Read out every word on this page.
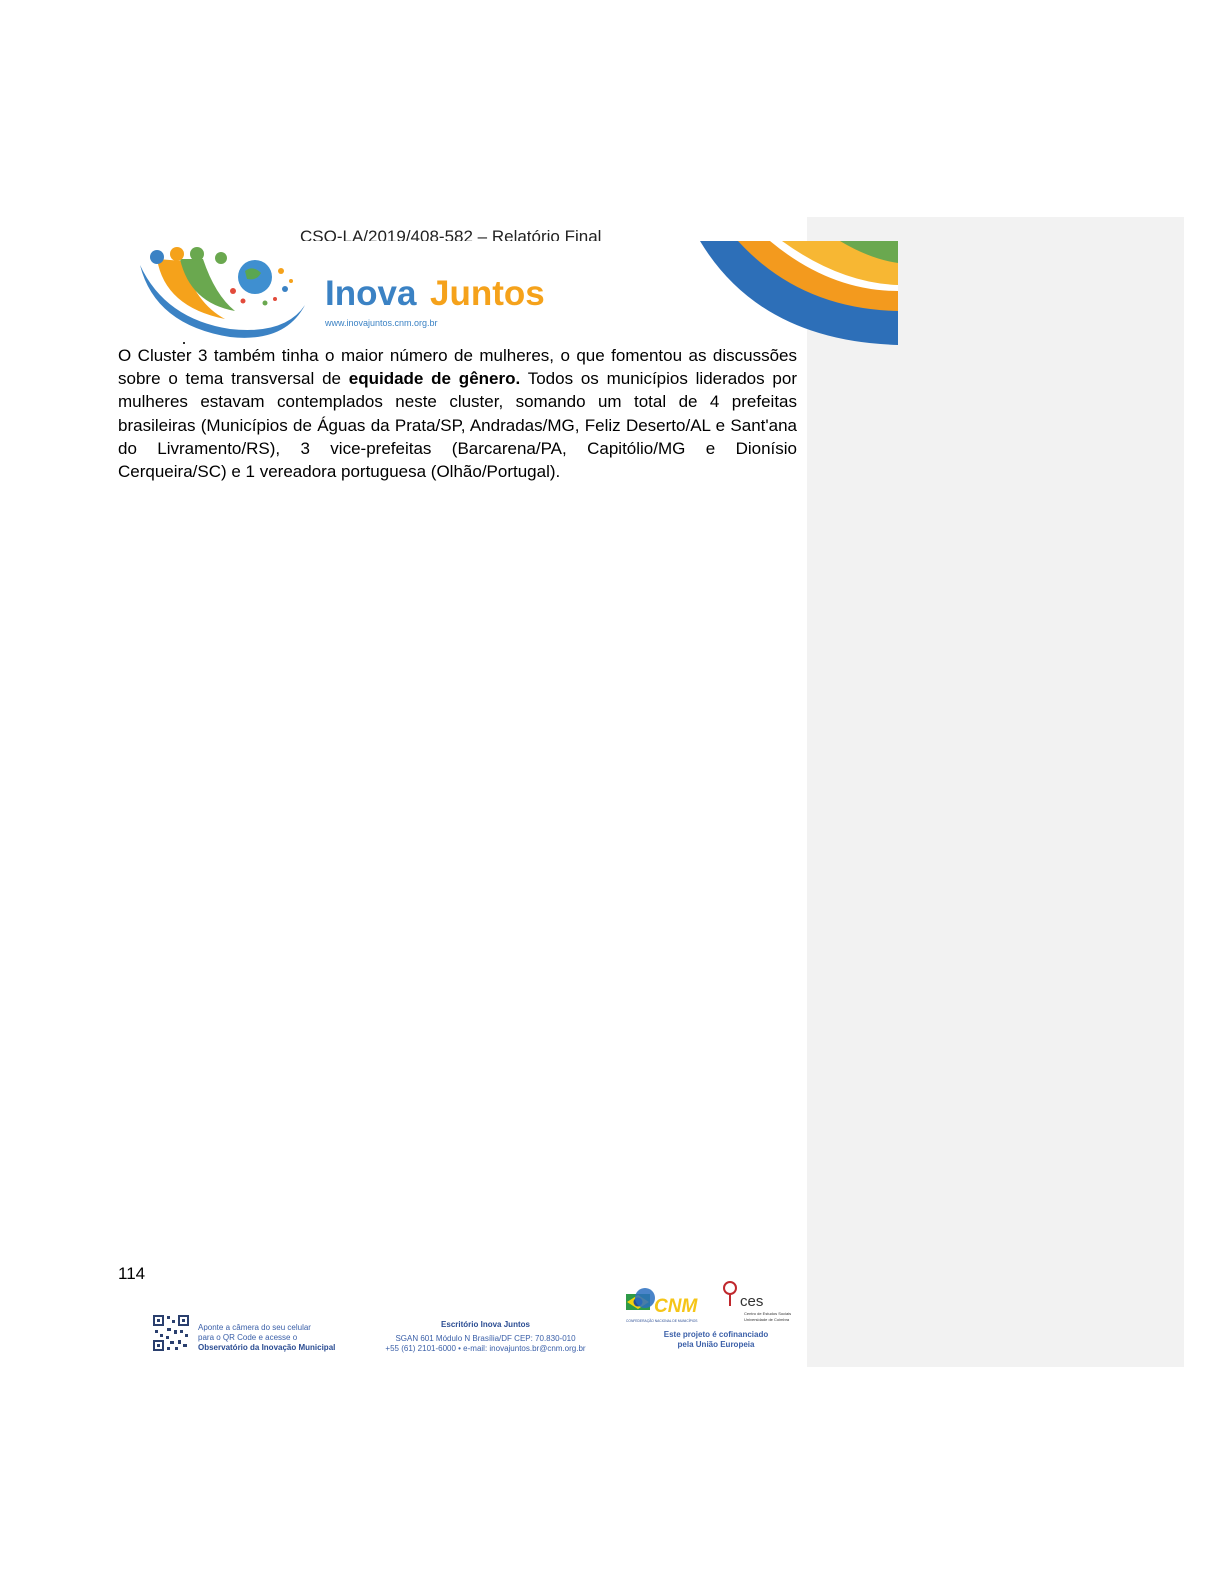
CSO-LA/2019/408-582 – Relatório Final
Inova Juntos
www.inovajuntos.cnm.org.br

O Cluster 3 também tinha o maior número de mulheres, o que fomentou as discussões sobre o tema transversal de equidade de gênero. Todos os municípios liderados por mulheres estavam contemplados neste cluster, somando um total de 4 prefeitas brasileiras (Municípios de Águas da Prata/SP, Andradas/MG, Feliz Deserto/AL e Sant'ana do Livramento/RS), 3 vice-prefeitas (Barcarena/PA, Capitólio/MG e Dionísio Cerqueira/SC) e 1 vereadora portuguesa (Olhão/Portugal).

114
Aponte a câmera do seu celular
para o QR Code e acesse o
Observatório da Inovação Municipal
Escritório Inova Juntos
SGAN 601 Módulo N Brasília/DF CEP: 70.830-010
+55 (61) 2101-6000 • e-mail: inovajuntos.br@cnm.org.br
CNM
CONFEDERAÇÃO NACIONAL DE MUNICÍPIOS
ces
Centro de Estudos Sociais
Universidade de Coimbra
Este projeto é cofinanciado
pela União Europeia
